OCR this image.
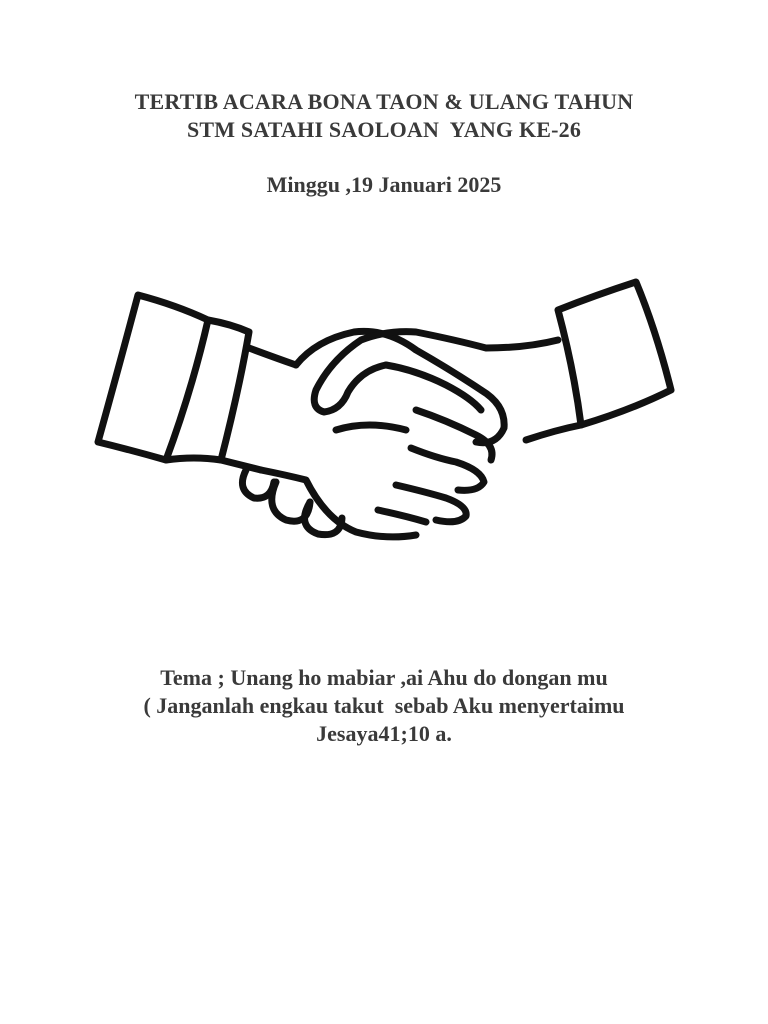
TERTIB ACARA BONA TAON & ULANG TAHUN
STM SATAHI SAOLOAN  YANG KE-26
Minggu ,19 Januari 2025
Tema ; Unang ho mabiar ,ai Ahu do dongan mu
( Janganlah engkau takut  sebab Aku menyertaimu
Jesaya41;10 a.
